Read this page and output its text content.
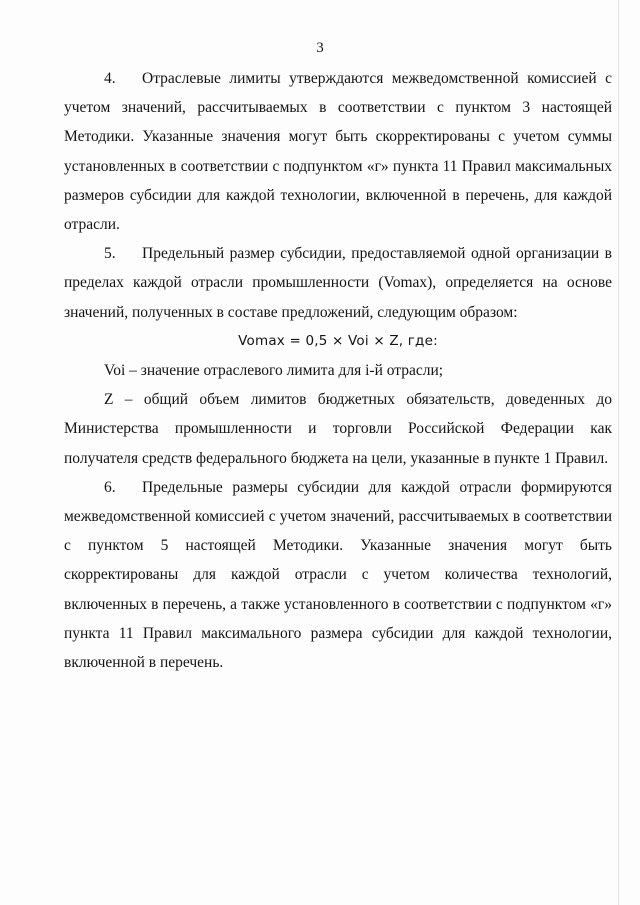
3

4. Отраслевые лимиты утверждаются межведомственной комиссией с учетом значений, рассчитываемых в соответствии с пунктом 3 настоящей Методики. Указанные значения могут быть скорректированы с учетом суммы установленных в соответствии с подпунктом «г» пункта 11 Правил максимальных размеров субсидии для каждой технологии, включенной в перечень, для каждой отрасли.

5. Предельный размер субсидии, предоставляемой одной организации в пределах каждой отрасли промышленности (Vomax), определяется на основе значений, полученных в составе предложений, следующим образом:

Vomax = 0,5 × Voi × Z, где:

Voi – значение отраслевого лимита для i-й отрасли;

Z – общий объем лимитов бюджетных обязательств, доведенных до Министерства промышленности и торговли Российской Федерации как получателя средств федерального бюджета на цели, указанные в пункте 1 Правил.

6. Предельные размеры субсидии для каждой отрасли формируются межведомственной комиссией с учетом значений, рассчитываемых в соответствии с пунктом 5 настоящей Методики. Указанные значения могут быть скорректированы для каждой отрасли с учетом количества технологий, включенных в перечень, а также установленного в соответствии с подпунктом «г» пункта 11 Правил максимального размера субсидии для каждой технологии, включенной в перечень.
